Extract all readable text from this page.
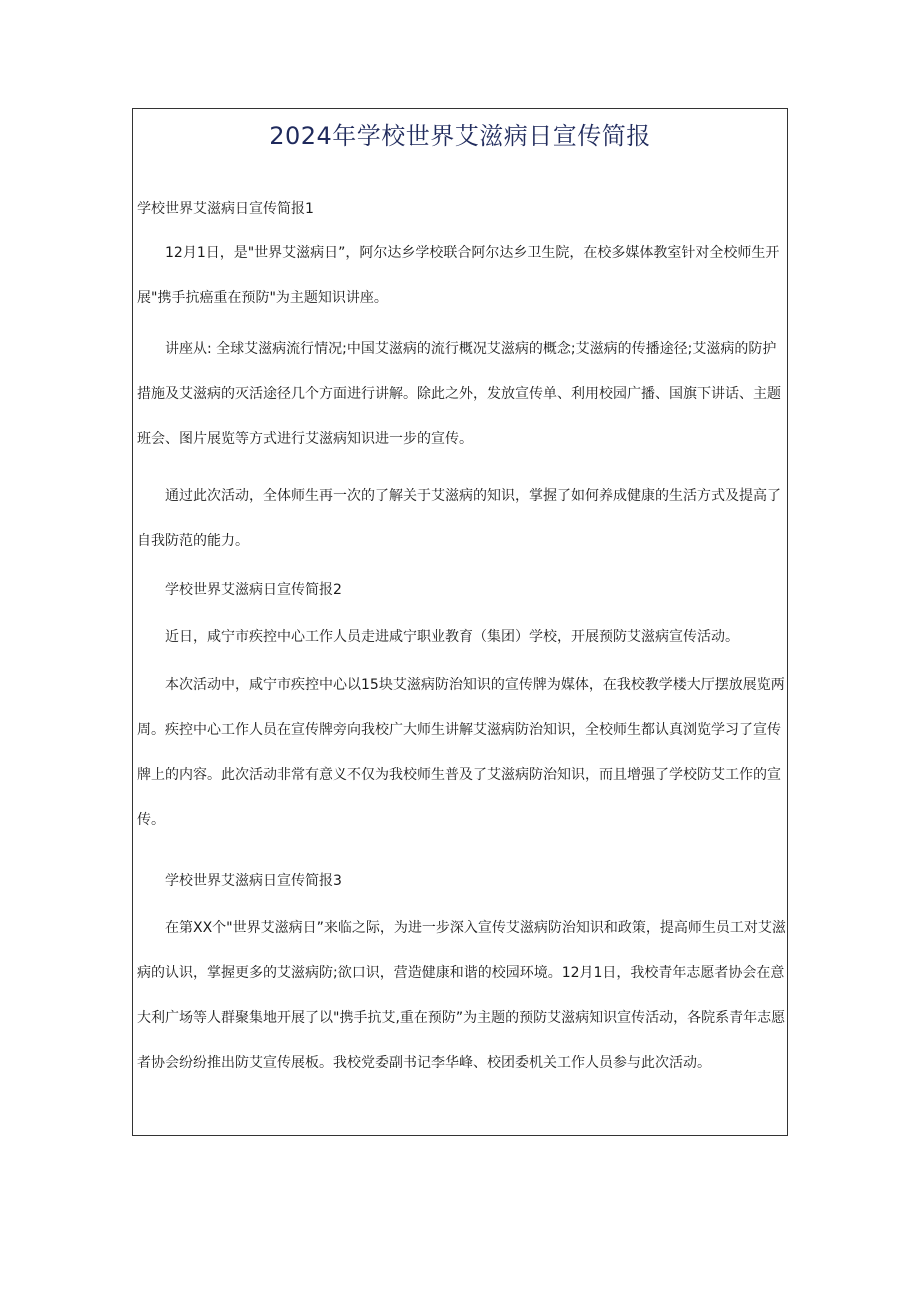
2024年学校世界艾滋病日宣传简报

学校世界艾滋病日宣传简报1

12月1日，是"世界艾滋病日”，阿尔达乡学校联合阿尔达乡卫生院，在校多媒体教室针对全校师生开展"携手抗癌重在预防"为主题知识讲座。

讲座从: 全球艾滋病流行情况;中国艾滋病的流行概况艾滋病的概念;艾滋病的传播途径;艾滋病的防护措施及艾滋病的灭活途径几个方面进行讲解。除此之外，发放宣传单、利用校园广播、国旗下讲话、主题班会、图片展览等方式进行艾滋病知识进一步的宣传。

通过此次活动，全体师生再一次的了解关于艾滋病的知识，掌握了如何养成健康的生活方式及提高了自我防范的能力。

学校世界艾滋病日宣传简报2

近日，咸宁市疾控中心工作人员走进咸宁职业教育（集团）学校，开展预防艾滋病宣传活动。

本次活动中，咸宁市疾控中心以15块艾滋病防治知识的宣传牌为媒体，在我校教学楼大厅摆放展览两周。疾控中心工作人员在宣传牌旁向我校广大师生讲解艾滋病防治知识，全校师生都认真浏览学习了宣传牌上的内容。此次活动非常有意义不仅为我校师生普及了艾滋病防治知识，而且增强了学校防艾工作的宣传。

学校世界艾滋病日宣传简报3

在第XX个"世界艾滋病日”来临之际，为进一步深入宣传艾滋病防治知识和政策，提高师生员工对艾滋病的认识，掌握更多的艾滋病防;欲口识，营造健康和谐的校园环境。12月1日，我校青年志愿者协会在意大利广场等人群聚集地开展了以"携手抗艾,重在预防”为主题的预防艾滋病知识宣传活动，各院系青年志愿者协会纷纷推出防艾宣传展板。我校党委副书记李华峰、校团委机关工作人员参与此次活动。
